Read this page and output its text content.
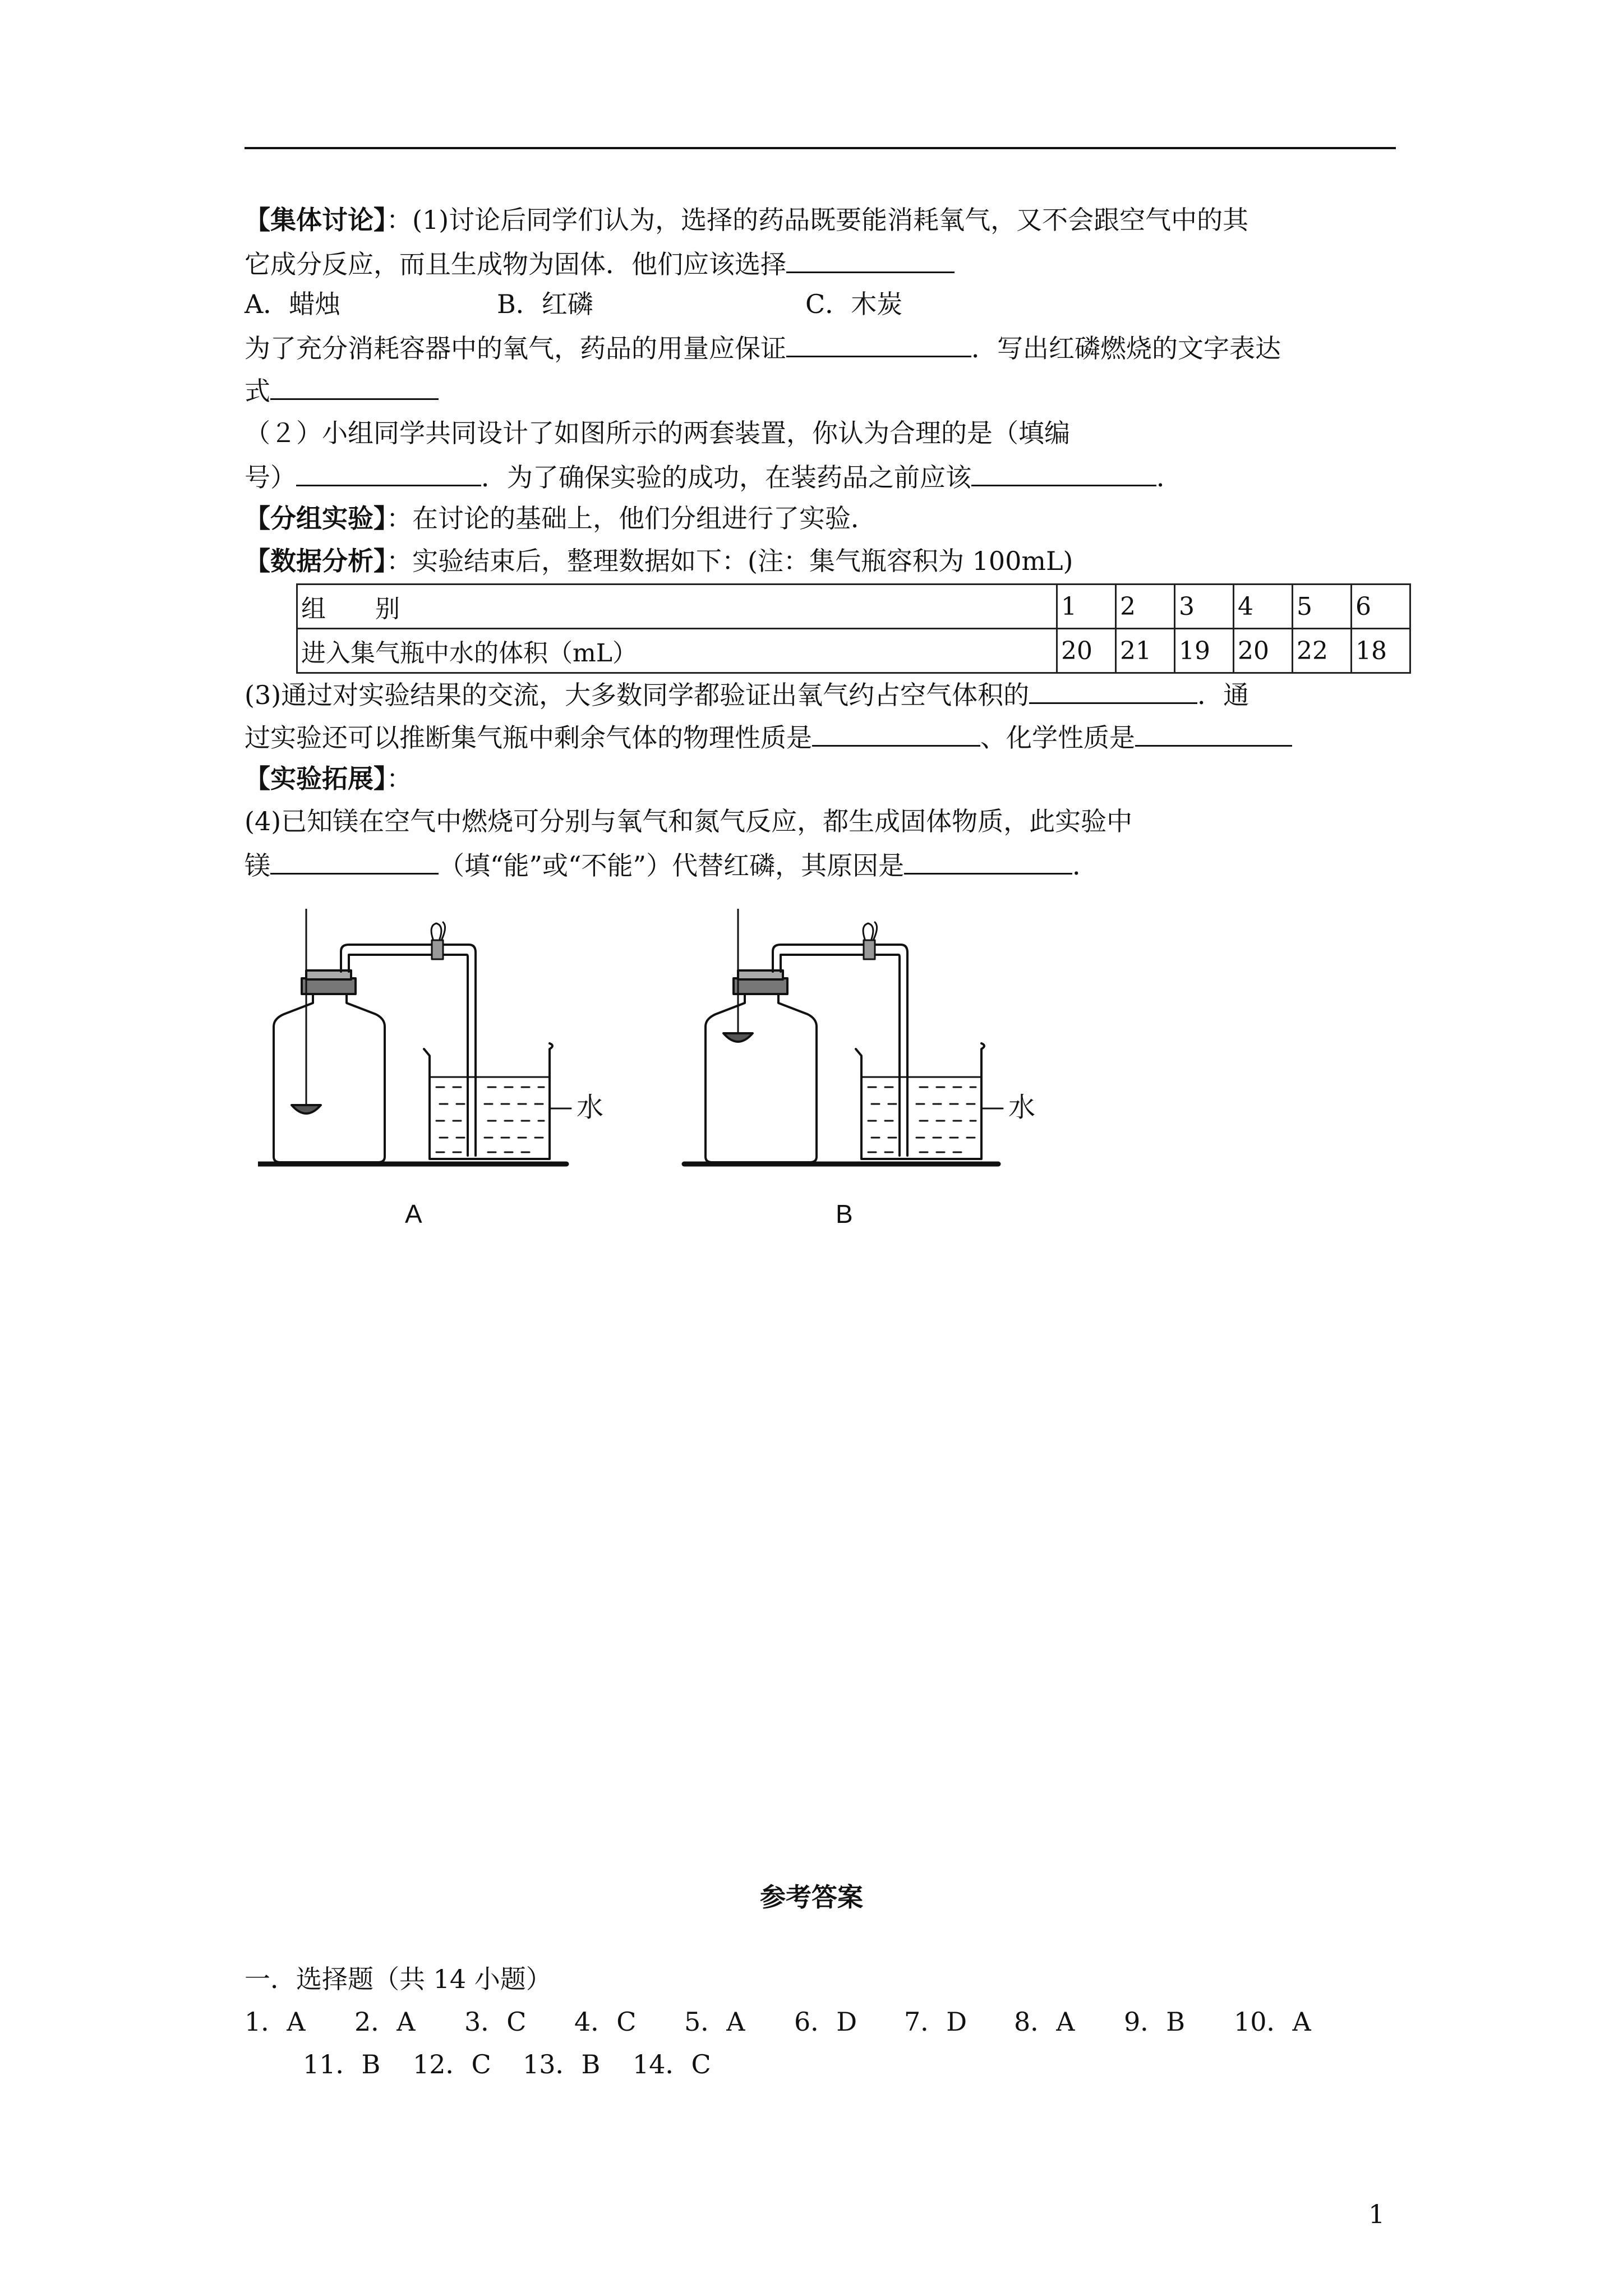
【集体讨论】：(1)讨论后同学们认为，选择的药品既要能消耗氧气，又不会跟空气中的其
它成分反应，而且生成物为固体．他们应该选择
A．蜡烛	B．红磷	C．木炭
为了充分消耗容器中的氧气，药品的用量应保证	．写出红磷燃烧的文字表达
式
（２）小组同学共同设计了如图所示的两套装置，你认为合理的是（填编
号）	．为了确保实验的成功，在装药品之前应该	．
【分组实验】：在讨论的基础上，他们分组进行了实验．
【数据分析】：实验结束后，整理数据如下：(注：集气瓶容积为 100mL)
组　　别	1	2	3	4	5	6
进入集气瓶中水的体积（mL）	20	21	19	20	22	18
(3)通过对实验结果的交流，大多数同学都验证出氧气约占空气体积的	．通
过实验还可以推断集气瓶中剩余气体的物理性质是	、化学性质是
【实验拓展】：
(4)已知镁在空气中燃烧可分别与氧气和氮气反应，都生成固体物质，此实验中
镁	（填“能”或“不能”）代替红磷，其原因是	．
水	水
A	B
参考答案
一．选择题（共 14 小题）
1．A 2．A 3．C 4．C 5．A 6．D 7．D 8．A 9．B 10．A
11．B 12．C 13．B 14．C
1
